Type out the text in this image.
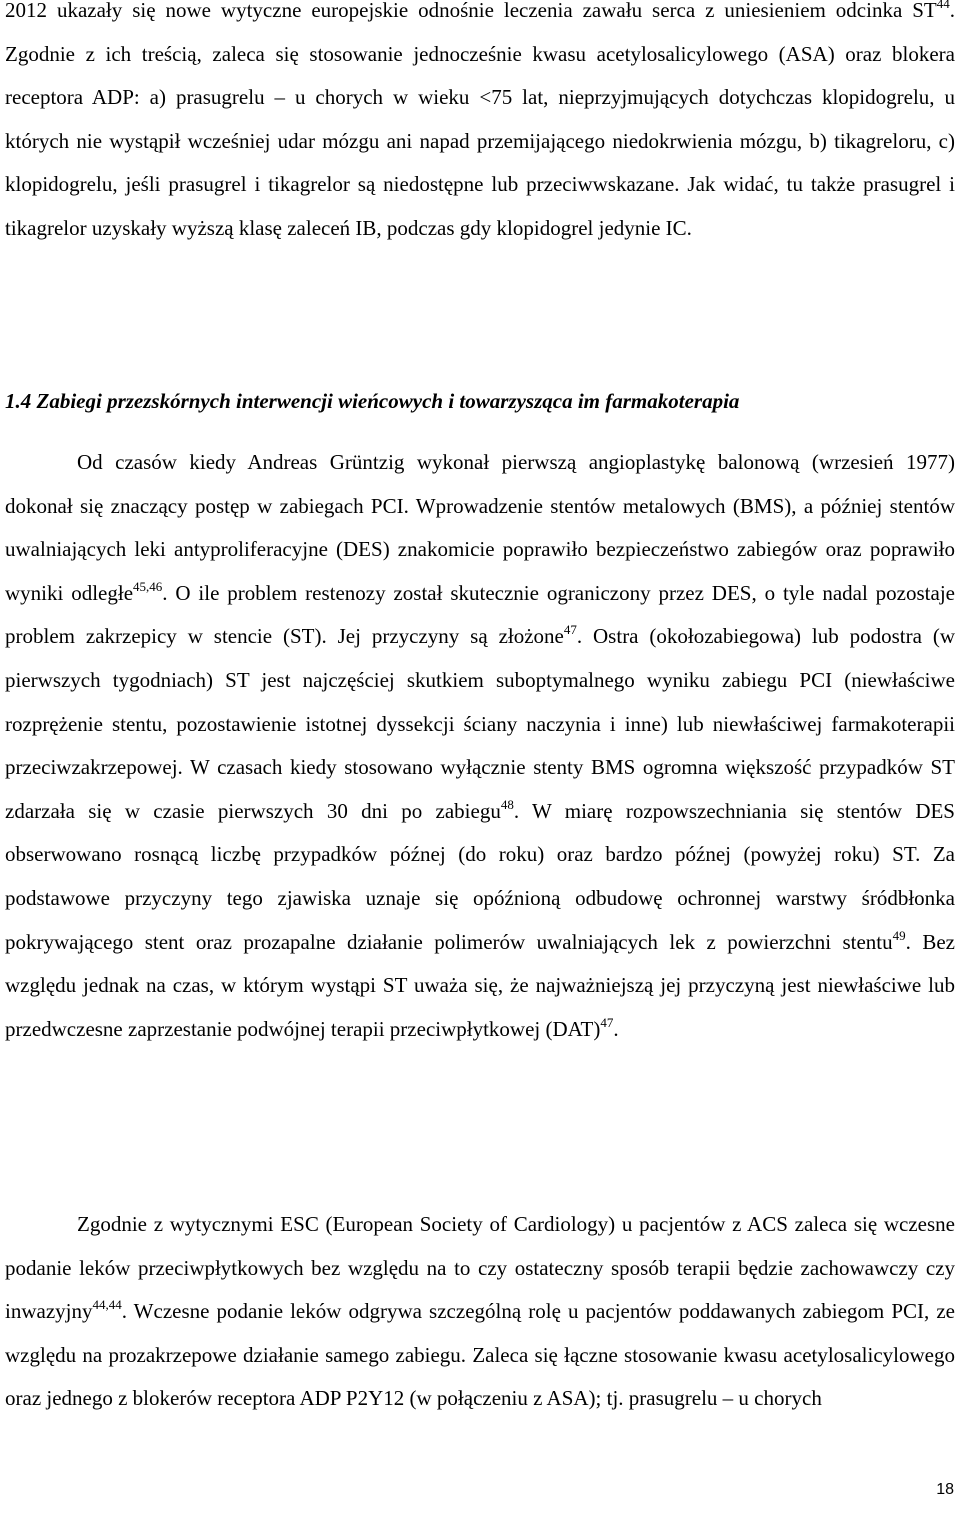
2012 ukazały się nowe wytyczne europejskie odnośnie leczenia zawału serca z uniesieniem odcinka ST$^{44}$. Zgodnie z ich treścią, zaleca się stosowanie jednocześnie kwasu acetylosalicylowego (ASA) oraz blokera receptora ADP: a) prasugrelu – u chorych w wieku <75 lat, nieprzyjmujących dotychczas klopidogrelu, u których nie wystąpił wcześniej udar mózgu ani napad przemijającego niedokrwienia mózgu, b) tikagreloru, c) klopidogrelu, jeśli prasugrel i tikagrelor są niedostępne lub przeciwwskazane. Jak widać, tu także prasugrel i tikagrelor uzyskały wyższą klasę zaleceń IB, podczas gdy klopidogrel jedynie IC.

1.4 Zabiegi przezskórnych interwencji wieńcowych i towarzysząca im farmakoterapia

Od czasów kiedy Andreas Grüntzig wykonał pierwszą angioplastykę balonową (wrzesień 1977) dokonał się znaczący postęp w zabiegach PCI. Wprowadzenie stentów metalowych (BMS), a później stentów uwalniających leki antyproliferacyjne (DES) znakomicie poprawiło bezpieczeństwo zabiegów oraz poprawiło wyniki odległe$^{45,46}$. O ile problem restenozy został skutecznie ograniczony przez DES, o tyle nadal pozostaje problem zakrzepicy w stencie (ST). Jej przyczyny są złożone$^{47}$. Ostra (okołozabiegowa) lub podostra (w pierwszych tygodniach) ST jest najczęściej skutkiem suboptymalnego wyniku zabiegu PCI (niewłaściwe rozprężenie stentu, pozostawienie istotnej dyssekcji ściany naczynia i inne) lub niewłaściwej farmakoterapii przeciwzakrzepowej. W czasach kiedy stosowano wyłącznie stenty BMS ogromna większość przypadków ST zdarzała się w czasie pierwszych 30 dni po zabiegu$^{48}$. W miarę rozpowszechniania się stentów DES obserwowano rosnącą liczbę przypadków późnej (do roku) oraz bardzo późnej (powyżej roku) ST. Za podstawowe przyczyny tego zjawiska uznaje się opóźnioną odbudowę ochronnej warstwy śródbłonka pokrywającego stent oraz prozapalne działanie polimerów uwalniających lek z powierzchni stentu$^{49}$. Bez względu jednak na czas, w którym wystąpi ST uważa się, że najważniejszą jej przyczyną jest niewłaściwe lub przedwczesne zaprzestanie podwójnej terapii przeciwpłytkowej (DAT)$^{47}$.

Zgodnie z wytycznymi ESC (European Society of Cardiology) u pacjentów z ACS zaleca się wczesne podanie leków przeciwpłytkowych bez względu na to czy ostateczny sposób terapii będzie zachowawczy czy inwazyjny$^{44,44}$. Wczesne podanie leków odgrywa szczególną rolę u pacjentów poddawanych zabiegom PCI, ze względu na prozakrzepowe działanie samego zabiegu. Zaleca się łączne stosowanie kwasu acetylosalicylowego oraz jednego z blokerów receptora ADP P2Y12 (w połączeniu z ASA); tj. prasugrelu – u chorych

18
